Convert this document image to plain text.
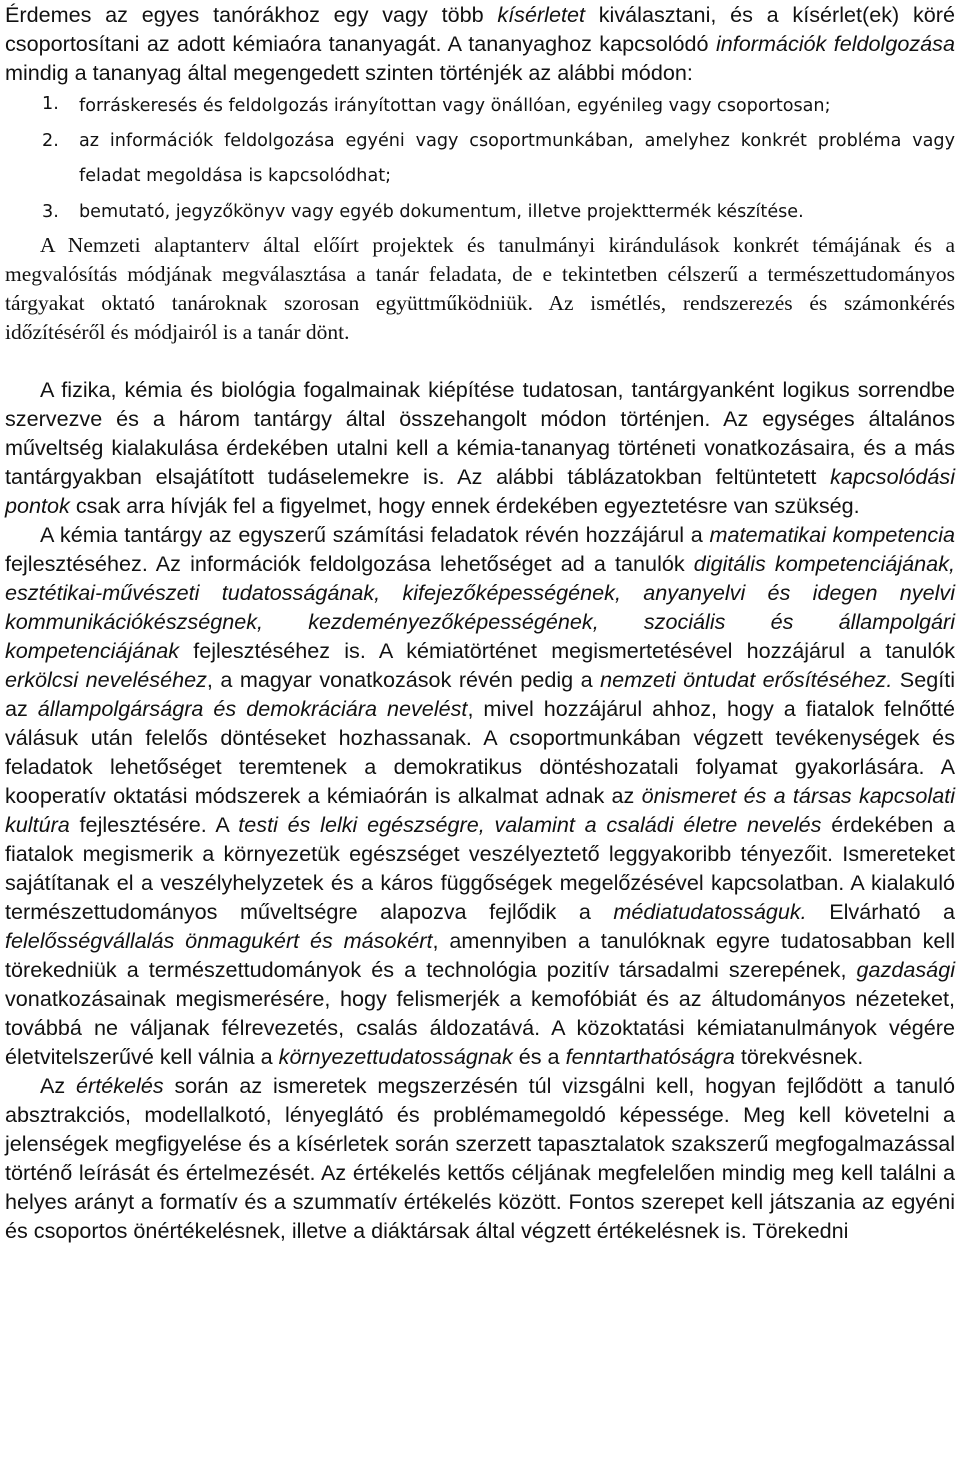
Érdemes az egyes tanórákhoz egy vagy több kísérletet kiválasztani, és a kísérlet(ek) köré csoportosítani az adott kémiaóra tananyagát. A tananyaghoz kapcsolódó információk feldolgozása mindig a tananyag által megengedett szinten történjék az alábbi módon:

1. forráskeresés és feldolgozás irányítottan vagy önállóan, egyénileg vagy csoportosan;
2. az információk feldolgozása egyéni vagy csoportmunkában, amelyhez konkrét probléma vagy feladat megoldása is kapcsolódhat;
3. bemutató, jegyzőkönyv vagy egyéb dokumentum, illetve projekttermék készítése.

A Nemzeti alaptanterv által előírt projektek és tanulmányi kirándulások konkrét témájának és a megvalósítás módjának megválasztása a tanár feladata, de e tekintetben célszerű a természettudományos tárgyakat oktató tanároknak szorosan együttműködniük. Az ismétlés, rendszerezés és számonkérés időzítéséről és módjairól is a tanár dönt.

A fizika, kémia és biológia fogalmainak kiépítése tudatosan, tantárgyanként logikus sorrendbe szervezve és a három tantárgy által összehangolt módon történjen. Az egységes általános műveltség kialakulása érdekében utalni kell a kémia-tananyag történeti vonatkozásaira, és a más tantárgyakban elsajátított tudáselemekre is. Az alábbi táblázatokban feltüntetett kapcsolódási pontok csak arra hívják fel a figyelmet, hogy ennek érdekében egyeztetésre van szükség.

A kémia tantárgy az egyszerű számítási feladatok révén hozzájárul a matematikai kompetencia fejlesztéséhez. Az információk feldolgozása lehetőséget ad a tanulók digitális kompetenciájának, esztétikai-művészeti tudatosságának, kifejezőképességének, anyanyelvi és idegen nyelvi kommunikációkészségnek, kezdeményezőképességének, szociális és állampolgári kompetenciájának fejlesztéséhez is. A kémiatörténet megismertetésével hozzájárul a tanulók erkölcsi neveléséhez, a magyar vonatkozások révén pedig a nemzeti öntudat erősítéséhez. Segíti az állampolgárságra és demokráciára nevelést, mivel hozzájárul ahhoz, hogy a fiatalok felnőtté válásuk után felelős döntéseket hozhassanak. A csoportmunkában végzett tevékenységek és feladatok lehetőséget teremtenek a demokratikus döntéshozatali folyamat gyakorlására. A kooperatív oktatási módszerek a kémiaórán is alkalmat adnak az önismeret és a társas kapcsolati kultúra fejlesztésére. A testi és lelki egészségre, valamint a családi életre nevelés érdekében a fiatalok megismerik a környezetük egészséget veszélyeztető leggyakoribb tényezőit. Ismereteket sajátítanak el a veszélyhelyzetek és a káros függőségek megelőzésével kapcsolatban. A kialakuló természettudományos műveltségre alapozva fejlődik a médiatudatosságuk. Elvárható a felelősségvállalás önmagukért és másokért, amennyiben a tanulóknak egyre tudatosabban kell törekedniük a természettudományok és a technológia pozitív társadalmi szerepének, gazdasági vonatkozásainak megismerésére, hogy felismerjék a kemofóbiát és az áltudományos nézeteket, továbbá ne váljanak félrevezetés, csalás áldozatává. A közoktatási kémiatanulmányok végére életvitelszerűvé kell válnia a környezettudatosságnak és a fenntarthatóságra törekvésnek.

Az értékelés során az ismeretek megszerzésén túl vizsgálni kell, hogyan fejlődött a tanuló absztrakciós, modellalkotó, lényeglátó és problémamegoldó képessége. Meg kell követelni a jelenségek megfigyelése és a kísérletek során szerzett tapasztalatok szakszerű megfogalmazással történő leírását és értelmezését. Az értékelés kettős céljának megfelelően mindig meg kell találni a helyes arányt a formatív és a szummatív értékelés között. Fontos szerepet kell játszania az egyéni és csoportos önértékelésnek, illetve a diáktársak által végzett értékelésnek is. Törekedni
